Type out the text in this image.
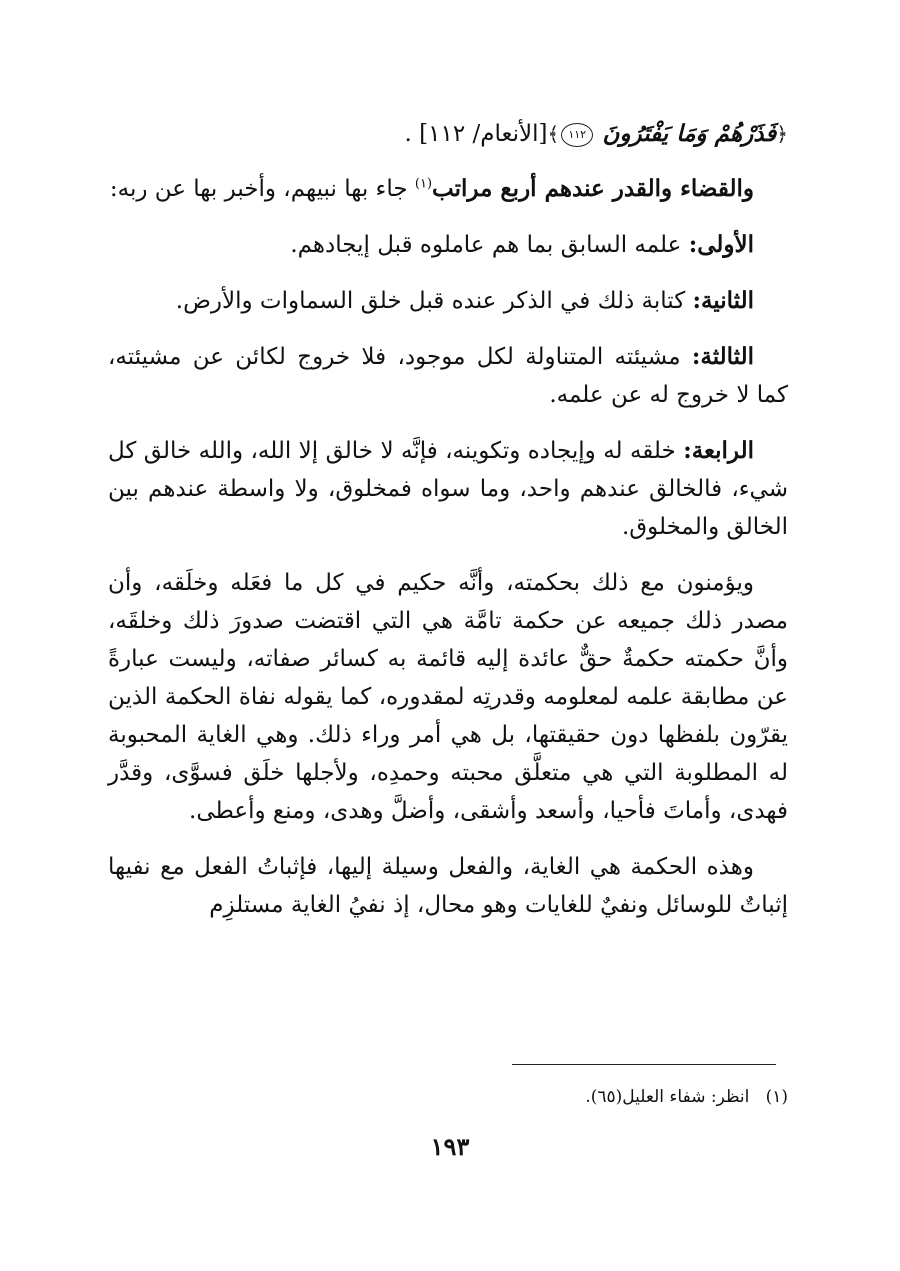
﴿فَذَرْهُمْ وَمَا يَفْتَرُونَ ١١٢﴾[الأنعام/ ١١٢] .

والقضاء والقدر عندهم أربع مراتب$^{(١)}$ جاء بها نبيهم، وأخبر بها عن ربه:

الأولى: علمه السابق بما هم عاملوه قبل إيجادهم.

الثانية: كتابة ذلك في الذكر عنده قبل خلق السماوات والأرض.

الثالثة: مشيئته المتناولة لكل موجود، فلا خروج لكائن عن مشيئته، كما لا خروج له عن علمه.

الرابعة: خلقه له وإيجاده وتكوينه، فإنَّه لا خالق إلا الله، والله خالق كل شيء، فالخالق عندهم واحد، وما سواه فمخلوق، ولا واسطة عندهم بين الخالق والمخلوق.

ويؤمنون مع ذلك بحكمته، وأنَّه حكيم في كل ما فعَله وخلَقه، وأن مصدر ذلك جميعه عن حكمة تامَّة هي التي اقتضت صدورَ ذلك وخلقَه، وأنَّ حكمته حكمةٌ حقٌّ عائدة إليه قائمة به كسائر صفاته، وليست عبارةً عن مطابقة علمه لمعلومه وقدرتِه لمقدوره، كما يقوله نفاة الحكمة الذين يقرّون بلفظها دون حقيقتها، بل هي أمر وراء ذلك. وهي الغاية المحبوبة له المطلوبة التي هي متعلَّق محبته وحمدِه، ولأجلها خلَق فسوَّى، وقدَّر فهدى، وأماتَ فأحيا، وأسعد وأشقى، وأضلَّ وهدى، ومنع وأعطى.

وهذه الحكمة هي الغاية، والفعل وسيلة إليها، فإثباتُ الفعل مع نفيها إثباتٌ للوسائل ونفيٌ للغايات وهو محال، إذ نفيُ الغاية مستلزِم

(١)   انظر: شفاء العليل(٦٥).
١٩٣
